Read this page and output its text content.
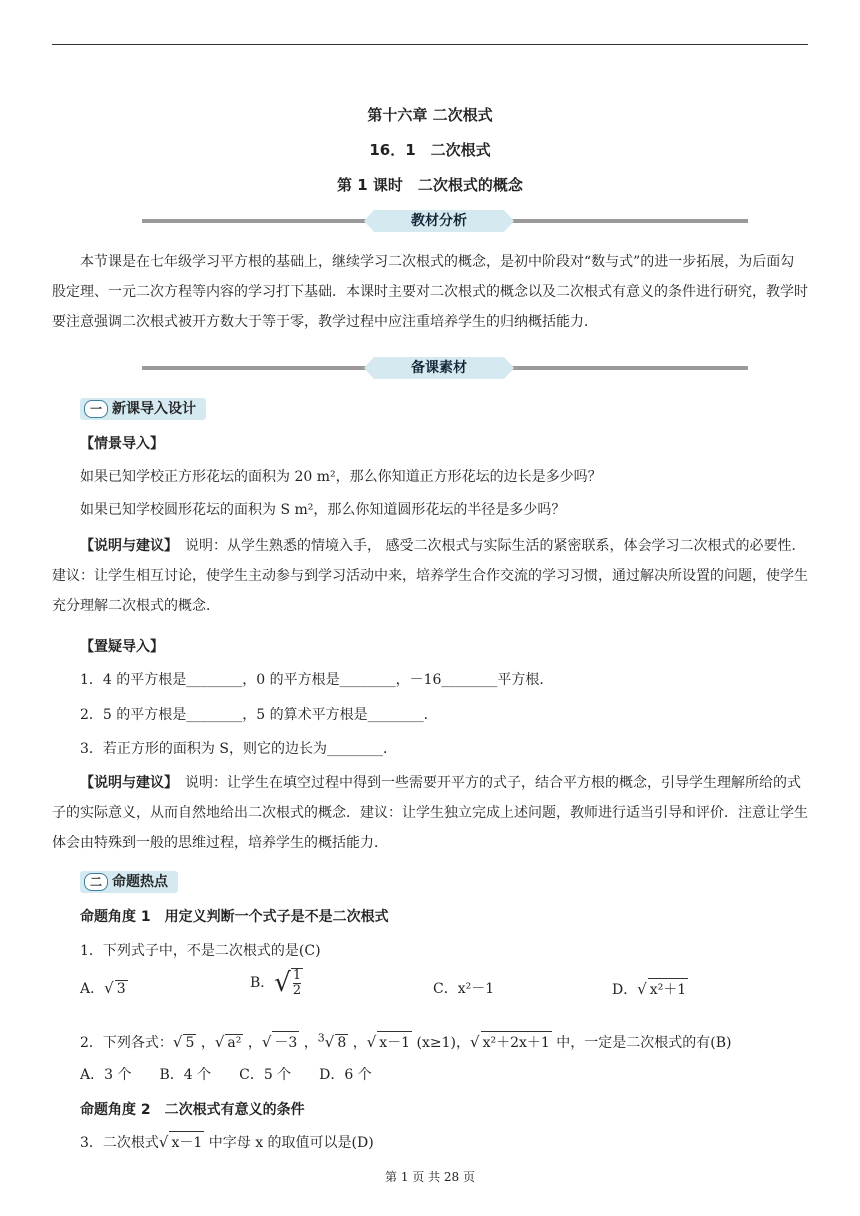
第十六章 二次根式
16．1　二次根式
第 1 课时　二次根式的概念
教材分析
本节课是在七年级学习平方根的基础上，继续学习二次根式的概念，是初中阶段对“数与式”的进一步拓展，为后面勾股定理、一元二次方程等内容的学习打下基础．本课时主要对二次根式的概念以及二次根式有意义的条件进行研究，教学时要注意强调二次根式被开方数大于等于零，教学过程中应注重培养学生的归纳概括能力．
备课素材
一 新课导入设计
【情景导入】
如果已知学校正方形花坛的面积为 20 m²，那么你知道正方形花坛的边长是多少吗？
如果已知学校圆形花坛的面积为 S m²，那么你知道圆形花坛的半径是多少吗？
【说明与建议】　说明：从学生熟悉的情境入手， 感受二次根式与实际生活的紧密联系，体会学习二次根式的必要性．建议：让学生相互讨论，使学生主动参与到学习活动中来，培养学生合作交流的学习习惯，通过解决所设置的问题，使学生充分理解二次根式的概念．
【置疑导入】
1．4 的平方根是________，0 的平方根是________，－16________平方根．
2．5 的平方根是________，5 的算术平方根是________．
3．若正方形的面积为 S，则它的边长为________．
【说明与建议】　说明：让学生在填空过程中得到一些需要开平方的式子，结合平方根的概念，引导学生理解所给的式子的实际意义，从而自然地给出二次根式的概念．建议：让学生独立完成上述问题，教师进行适当引导和评价．注意让学生体会由特殊到一般的思维过程，培养学生的概括能力．
二 命题热点
命题角度 1　用定义判断一个式子是不是二次根式
1．下列式子中，不是二次根式的是(C)
A．√ 3	B．√ $\frac{1}{2}$	C．x²－1	D．√ x²＋1
2．下列各式：√ 5 ，√ a² ，√ －3 ，$^3$√ 8 ，√ x－1 (x≥1)，√ x²＋2x＋1 中，一定是二次根式的有(B)
A．3 个　　B．4 个　　C．5 个　　D．6 个
命题角度 2　二次根式有意义的条件
3．二次根式√ x－1 中字母 x 的取值可以是(D)
第 1 页 共 28 页
